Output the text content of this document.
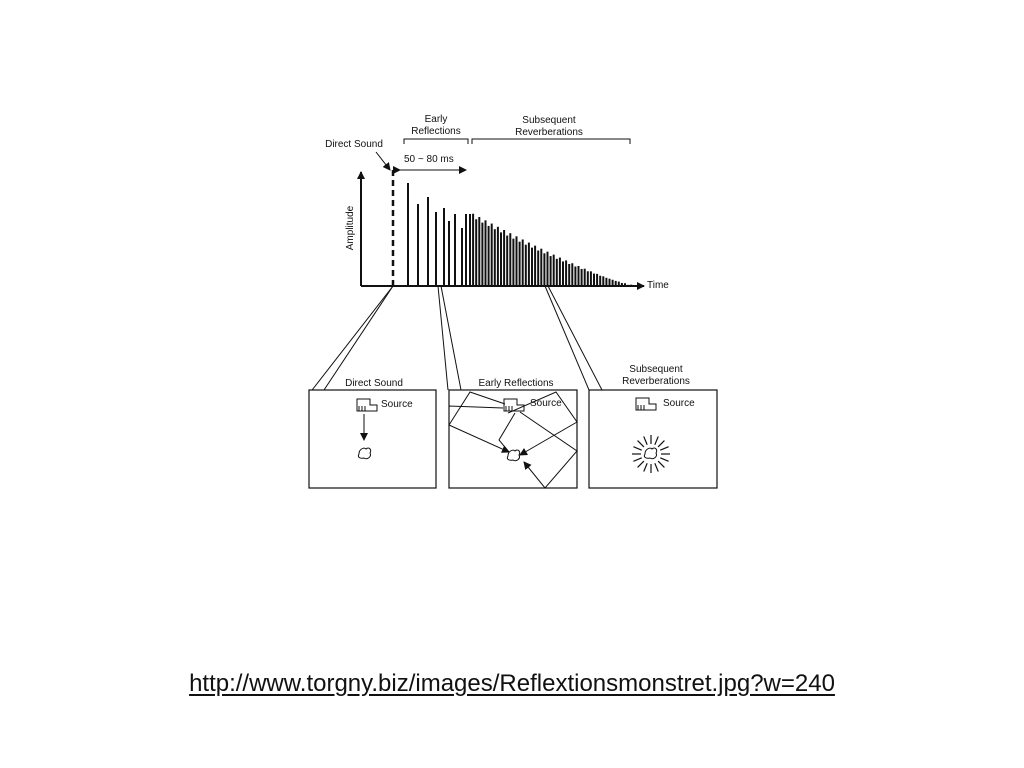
Direct Sound
Early
Reflections
Subsequent
Reverberations
50 ~ 80 ms
Amplitude
Time
Direct Sound
Source
Early Reflections
Source
Subsequent
Reverberations
Source
http://www.torgny.biz/images/Reflextionsmonstret.jpg?w=240
